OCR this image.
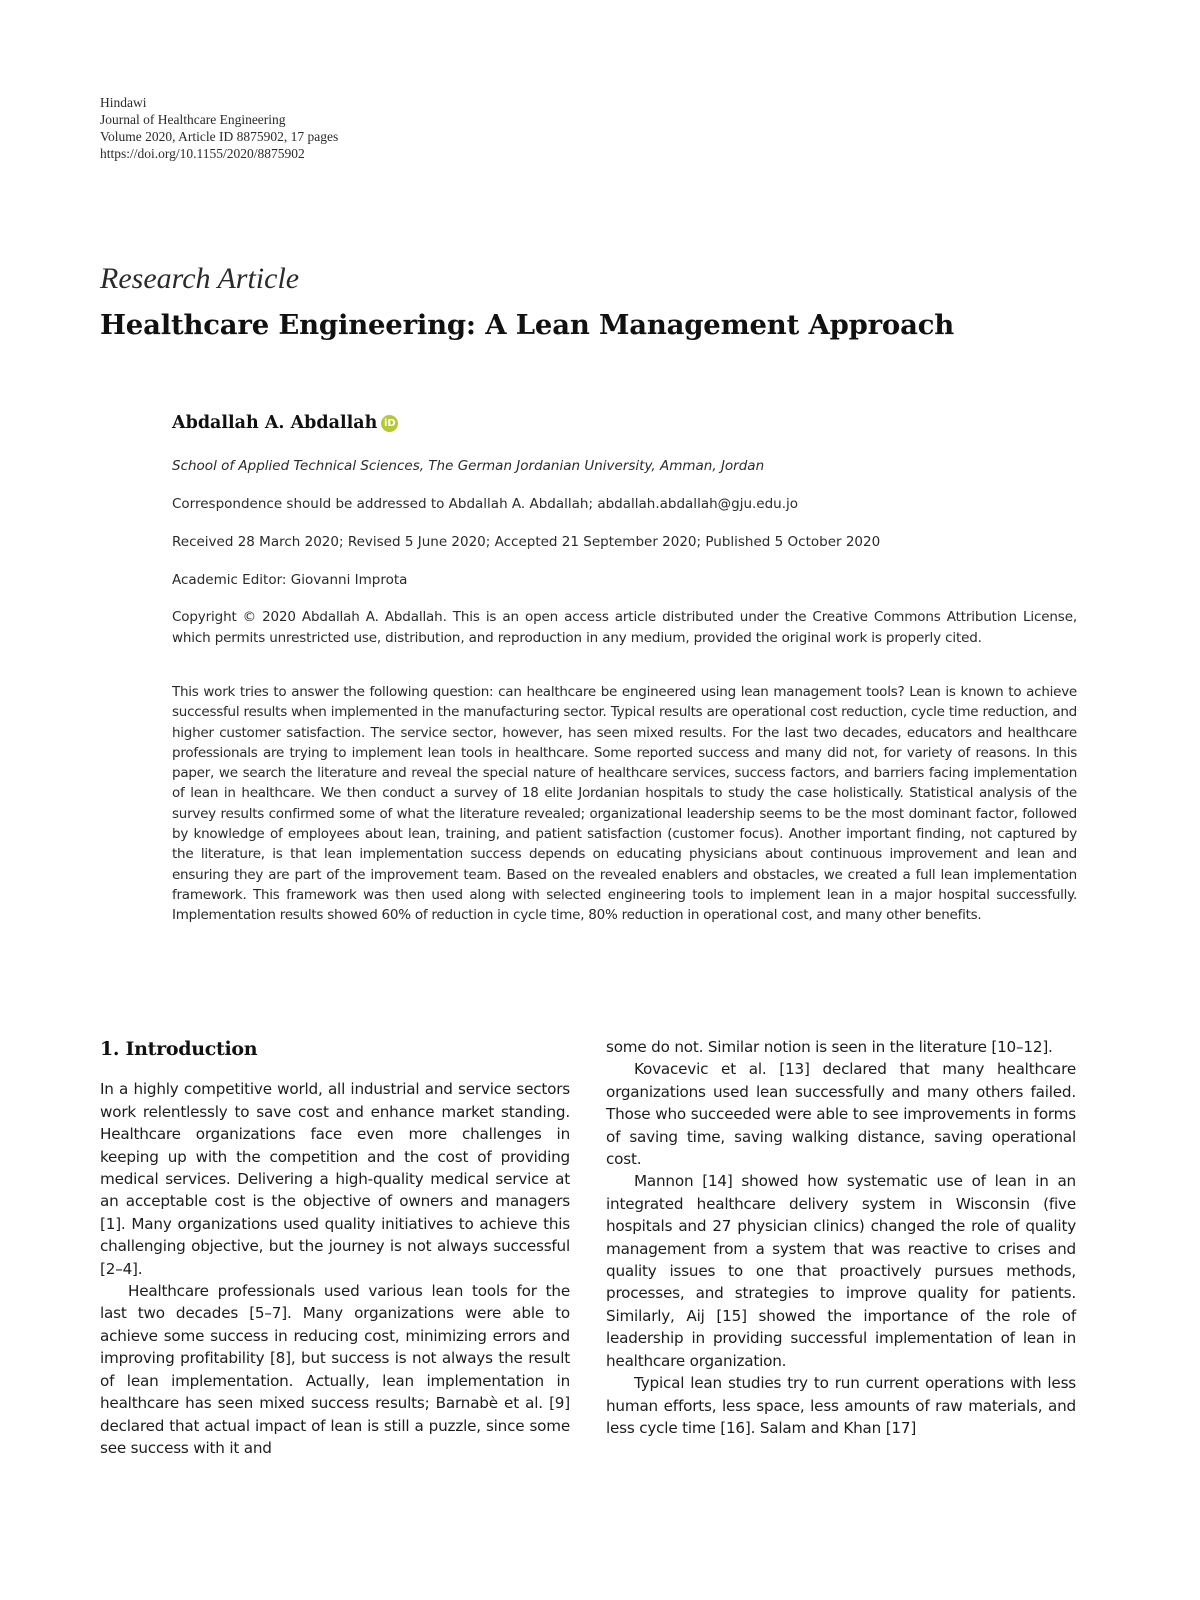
Hindawi
Journal of Healthcare Engineering
Volume 2020, Article ID 8875902, 17 pages
https://doi.org/10.1155/2020/8875902
Research Article
Healthcare Engineering: A Lean Management Approach
Abdallah A. Abdallah iD
School of Applied Technical Sciences, The German Jordanian University, Amman, Jordan
Correspondence should be addressed to Abdallah A. Abdallah; abdallah.abdallah@gju.edu.jo
Received 28 March 2020; Revised 5 June 2020; Accepted 21 September 2020; Published 5 October 2020
Academic Editor: Giovanni Improta
Copyright © 2020 Abdallah A. Abdallah. This is an open access article distributed under the Creative Commons Attribution License, which permits unrestricted use, distribution, and reproduction in any medium, provided the original work is properly cited.
This work tries to answer the following question: can healthcare be engineered using lean management tools? Lean is known to achieve successful results when implemented in the manufacturing sector. Typical results are operational cost reduction, cycle time reduction, and higher customer satisfaction. The service sector, however, has seen mixed results. For the last two decades, educators and healthcare professionals are trying to implement lean tools in healthcare. Some reported success and many did not, for variety of reasons. In this paper, we search the literature and reveal the special nature of healthcare services, success factors, and barriers facing implementation of lean in healthcare. We then conduct a survey of 18 elite Jordanian hospitals to study the case holistically. Statistical analysis of the survey results confirmed some of what the literature revealed; organizational leadership seems to be the most dominant factor, followed by knowledge of employees about lean, training, and patient satisfaction (customer focus). Another important finding, not captured by the literature, is that lean implementation success depends on educating physicians about continuous improvement and lean and ensuring they are part of the improvement team. Based on the revealed enablers and obstacles, we created a full lean implementation framework. This framework was then used along with selected engineering tools to implement lean in a major hospital successfully. Implementation results showed 60% of reduction in cycle time, 80% reduction in operational cost, and many other benefits.
1. Introduction

In a highly competitive world, all industrial and service sectors work relentlessly to save cost and enhance market standing. Healthcare organizations face even more challenges in keeping up with the competition and the cost of providing medical services. Delivering a high-quality medical service at an acceptable cost is the objective of owners and managers [1]. Many organizations used quality initiatives to achieve this challenging objective, but the journey is not always successful [2–4].

Healthcare professionals used various lean tools for the last two decades [5–7]. Many organizations were able to achieve some success in reducing cost, minimizing errors and improving profitability [8], but success is not always the result of lean implementation. Actually, lean implementation in healthcare has seen mixed success results; Barnabè et al. [9] declared that actual impact of lean is still a puzzle, since some see success with it and

some do not. Similar notion is seen in the literature [10–12].

Kovacevic et al. [13] declared that many healthcare organizations used lean successfully and many others failed. Those who succeeded were able to see improvements in forms of saving time, saving walking distance, saving operational cost.

Mannon [14] showed how systematic use of lean in an integrated healthcare delivery system in Wisconsin (five hospitals and 27 physician clinics) changed the role of quality management from a system that was reactive to crises and quality issues to one that proactively pursues methods, processes, and strategies to improve quality for patients. Similarly, Aij [15] showed the importance of the role of leadership in providing successful implementation of lean in healthcare organization.

Typical lean studies try to run current operations with less human efforts, less space, less amounts of raw materials, and less cycle time [16]. Salam and Khan [17]
